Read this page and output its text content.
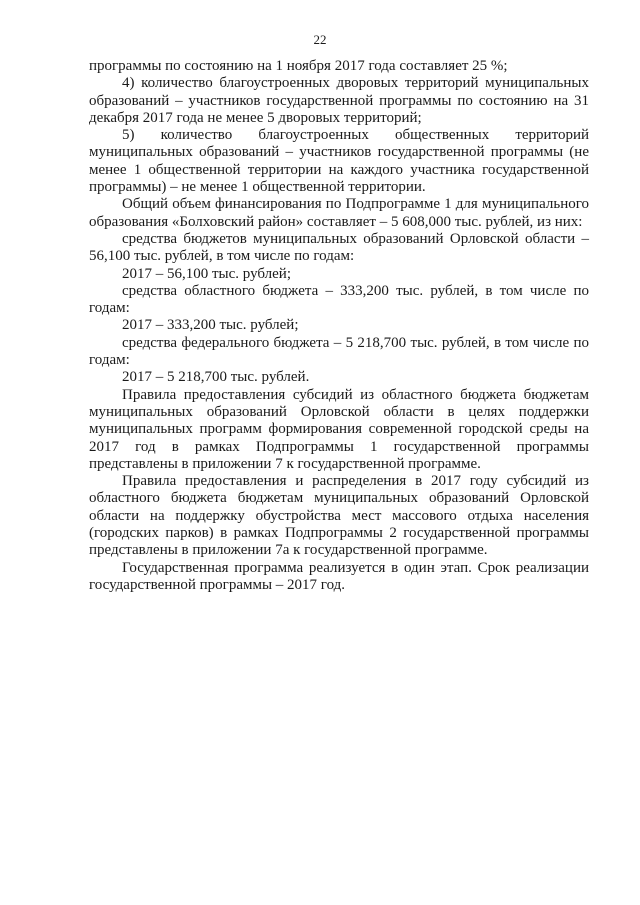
22

программы по состоянию на 1 ноября 2017 года составляет 25 %;

4) количество благоустроенных дворовых территорий муниципальных образований – участников государственной программы по состоянию на 31 декабря 2017 года не менее 5 дворовых территорий;

5) количество благоустроенных общественных территорий муниципальных образований – участников государственной программы (не менее 1 общественной территории на каждого участника государственной программы) – не менее 1 общественной территории.

Общий объем финансирования по Подпрограмме 1 для муниципального образования «Болховский район» составляет – 5 608,000 тыс. рублей, из них:

средства бюджетов муниципальных образований Орловской области – 56,100 тыс. рублей, в том числе по годам:

2017 – 56,100 тыс. рублей;

средства областного бюджета – 333,200 тыс. рублей, в том числе по годам:

2017 – 333,200 тыс. рублей;

средства федерального бюджета – 5 218,700 тыс. рублей, в том числе по годам:

2017 – 5 218,700 тыс. рублей.

Правила предоставления субсидий из областного бюджета бюджетам муниципальных образований Орловской области в целях поддержки муниципальных программ формирования современной городской среды на 2017 год в рамках Подпрограммы 1 государственной программы представлены в приложении 7 к государственной программе.

Правила предоставления и распределения в 2017 году субсидий из областного бюджета бюджетам муниципальных образований Орловской области на поддержку обустройства мест массового отдыха населения (городских парков) в рамках Подпрограммы 2 государственной программы представлены в приложении 7а к государственной программе.

Государственная программа реализуется в один этап. Срок реализации государственной программы – 2017 год.
